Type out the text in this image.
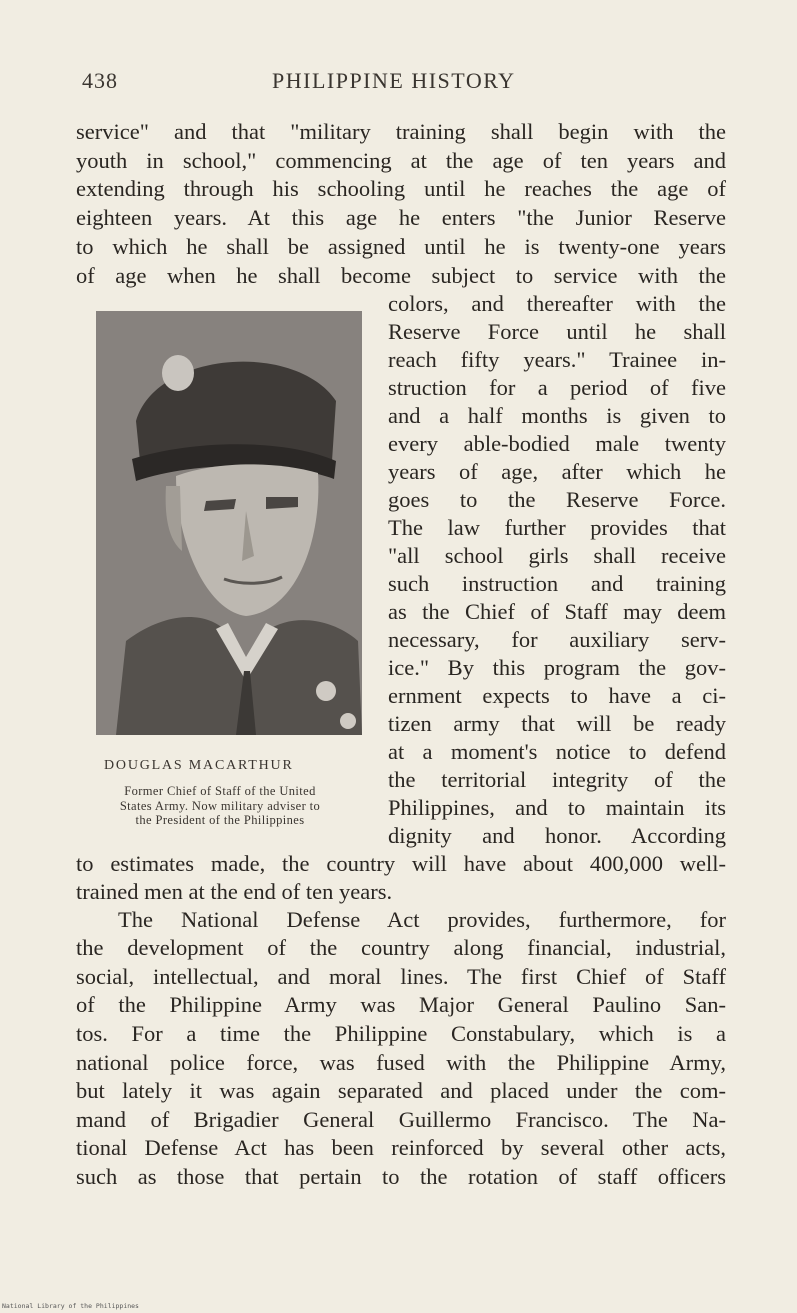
438	PHILIPPINE HISTORY
service" and that "military training shall begin with the
youth in school," commencing at the age of ten years and
extending through his schooling until he reaches the age of
eighteen years. At this age he enters "the Junior Reserve
to which he shall be assigned until he is twenty-one years
of age when he shall become subject to service with the
DOUGLAS MACARTHUR
Former Chief of Staff of the United
States Army. Now military adviser to
the President of the Philippines
colors, and thereafter with the
Reserve Force until he shall
reach fifty years." Trainee in-
struction for a period of five
and a half months is given to
every able-bodied male twenty
years of age, after which he
goes to the Reserve Force.
The law further provides that
"all school girls shall receive
such instruction and training
as the Chief of Staff may deem
necessary, for auxiliary serv-
ice." By this program the gov-
ernment expects to have a ci-
tizen army that will be ready
at a moment's notice to defend
the territorial integrity of the
Philippines, and to maintain its
dignity and honor. According
to estimates made, the country will have about 400,000 well-
trained men at the end of ten years.
The National Defense Act provides, furthermore, for
the development of the country along financial, industrial,
social, intellectual, and moral lines. The first Chief of Staff
of the Philippine Army was Major General Paulino San-
tos. For a time the Philippine Constabulary, which is a
national police force, was fused with the Philippine Army,
but lately it was again separated and placed under the com-
mand of Brigadier General Guillermo Francisco. The Na-
tional Defense Act has been reinforced by several other acts,
such as those that pertain to the rotation of staff officers
National Library of the Philippines
